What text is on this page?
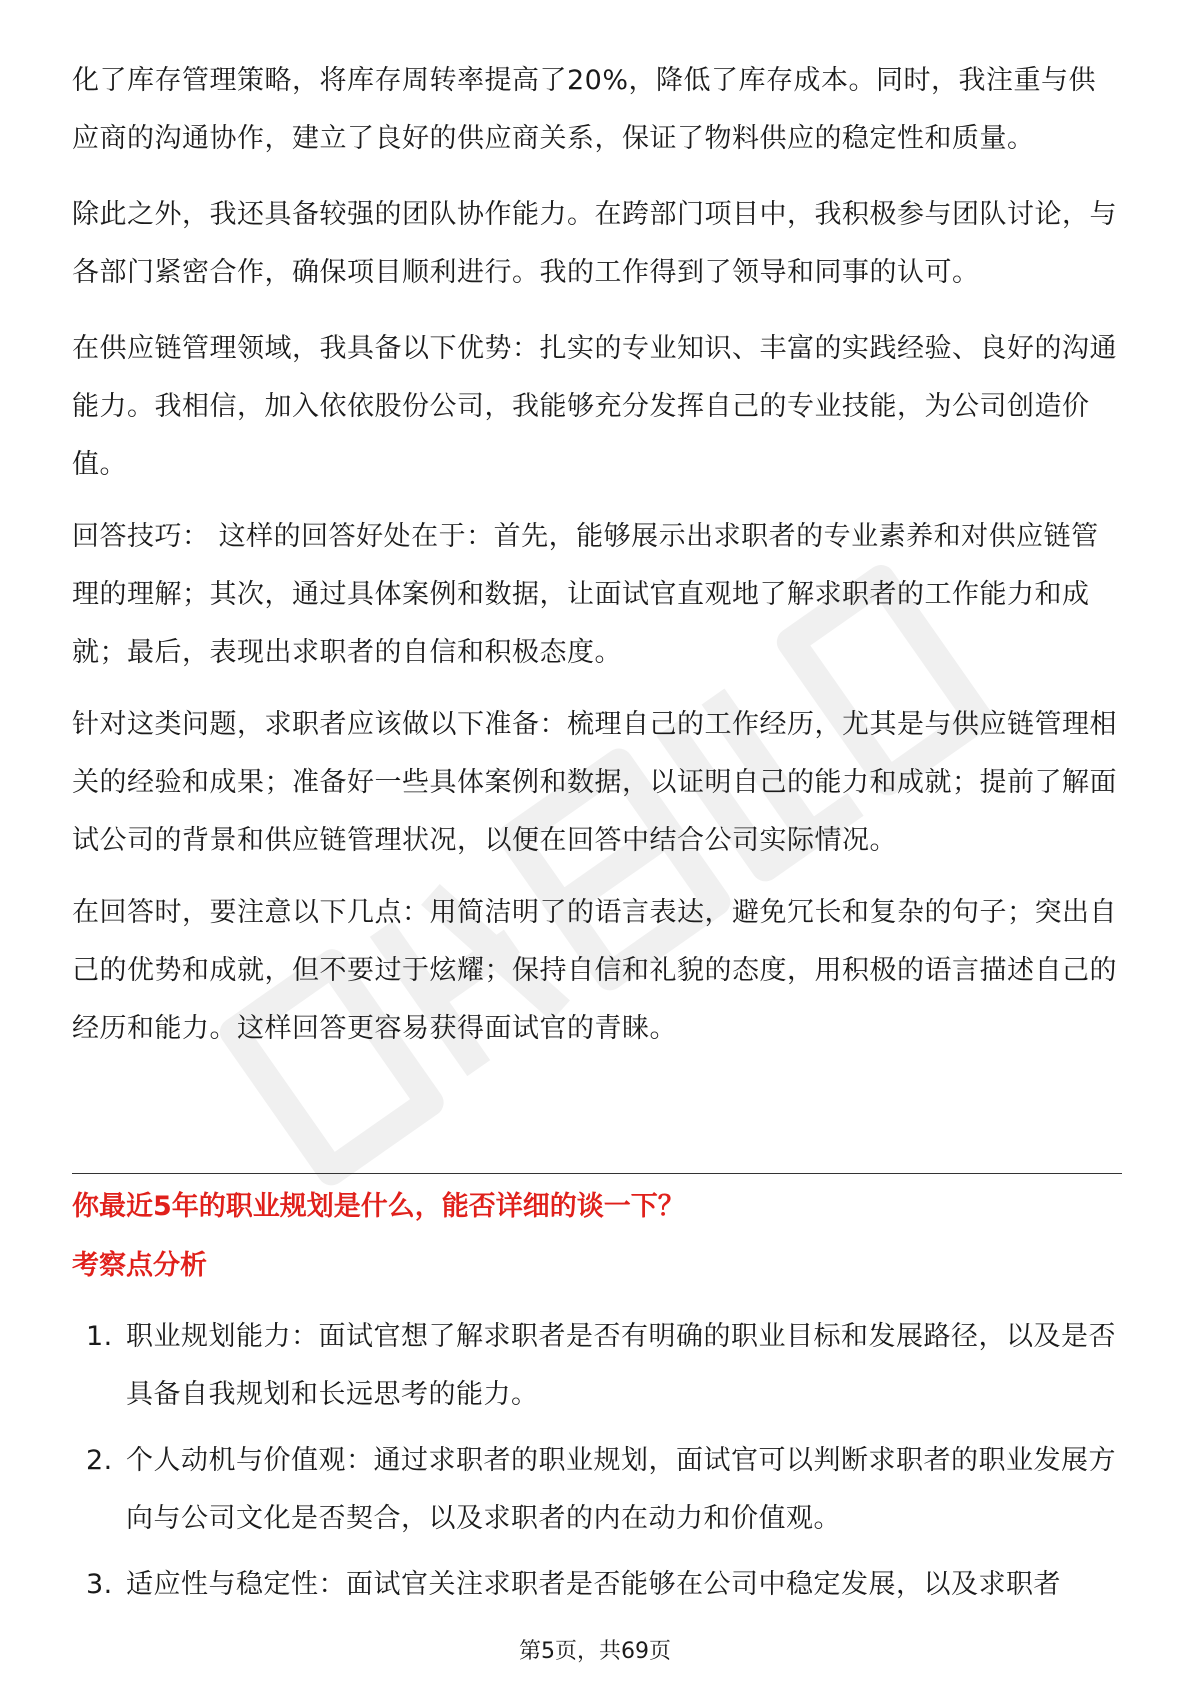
化了库存管理策略，将库存周转率提高了20%，降低了库存成本。同时，我注重与供应商的沟通协作，建立了良好的供应商关系，保证了物料供应的稳定性和质量。

除此之外，我还具备较强的团队协作能力。在跨部门项目中，我积极参与团队讨论，与各部门紧密合作，确保项目顺利进行。我的工作得到了领导和同事的认可。

在供应链管理领域，我具备以下优势：扎实的专业知识、丰富的实践经验、良好的沟通能力。我相信，加入依依股份公司，我能够充分发挥自己的专业技能，为公司创造价值。

回答技巧： 这样的回答好处在于：首先，能够展示出求职者的专业素养和对供应链管理的理解；其次，通过具体案例和数据，让面试官直观地了解求职者的工作能力和成就；最后，表现出求职者的自信和积极态度。

针对这类问题，求职者应该做以下准备：梳理自己的工作经历，尤其是与供应链管理相关的经验和成果；准备好一些具体案例和数据，以证明自己的能力和成就；提前了解面试公司的背景和供应链管理状况，以便在回答中结合公司实际情况。

在回答时，要注意以下几点：用简洁明了的语言表达，避免冗长和复杂的句子；突出自己的优势和成就，但不要过于炫耀；保持自信和礼貌的态度，用积极的语言描述自己的经历和能力。这样回答更容易获得面试官的青睐。

你最近5年的职业规划是什么，能否详细的谈一下？
考察点分析
1. 职业规划能力：面试官想了解求职者是否有明确的职业目标和发展路径，以及是否具备自我规划和长远思考的能力。
2. 个人动机与价值观：通过求职者的职业规划，面试官可以判断求职者的职业发展方向与公司文化是否契合，以及求职者的内在动力和价值观。
3. 适应性与稳定性：面试官关注求职者是否能够在公司中稳定发展，以及求职者
第5页，共69页
